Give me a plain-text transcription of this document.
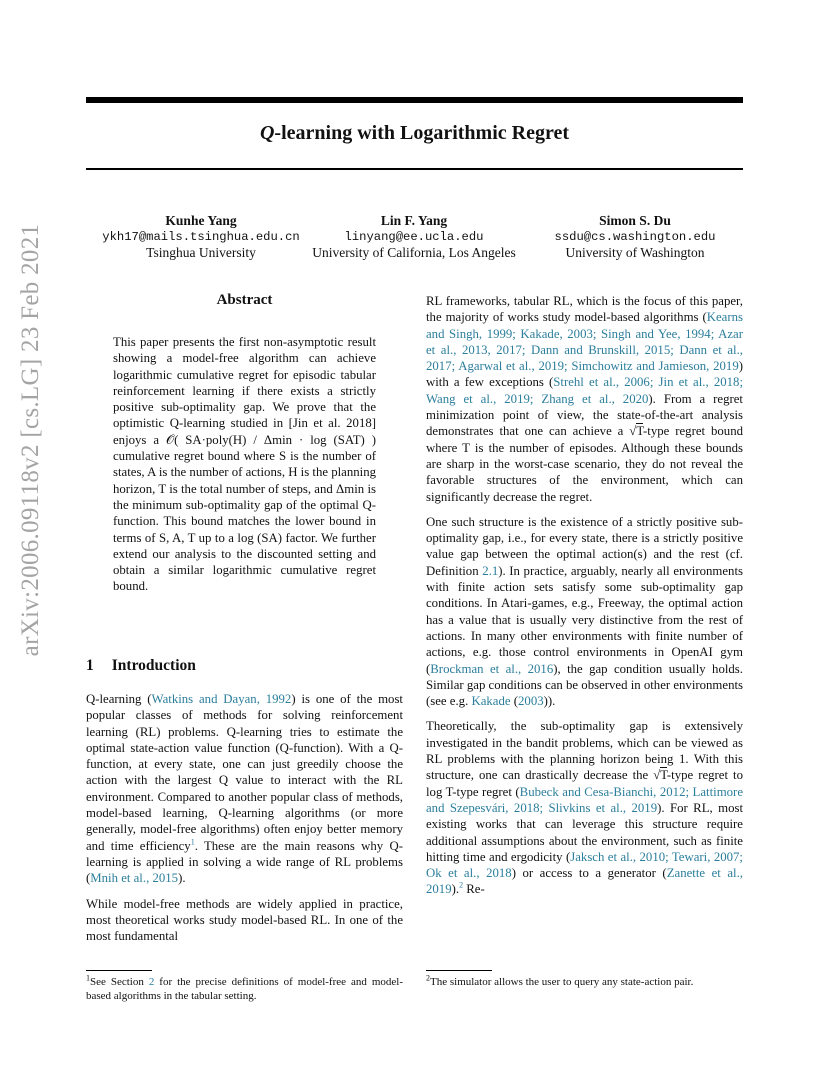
arXiv:2006.09118v2 [cs.LG] 23 Feb 2021
Q-learning with Logarithmic Regret
Kunhe Yang
ykh17@mails.tsinghua.edu.cn
Tsinghua University
Lin F. Yang
linyang@ee.ucla.edu
University of California, Los Angeles
Simon S. Du
ssdu@cs.washington.edu
University of Washington
Abstract
This paper presents the first non-asymptotic result showing a model-free algorithm can achieve logarithmic cumulative regret for episodic tabular reinforcement learning if there exists a strictly positive sub-optimality gap. We prove that the optimistic Q-learning studied in [Jin et al. 2018] enjoys a 𝒪( SA·poly(H) / Δmin · log (SAT) ) cumulative regret bound where S is the number of states, A is the number of actions, H is the planning horizon, T is the total number of steps, and Δmin is the minimum sub-optimality gap of the optimal Q-function. This bound matches the lower bound in terms of S, A, T up to a log (SA) factor. We further extend our analysis to the discounted setting and obtain a similar logarithmic cumulative regret bound.
1 Introduction

Q-learning (Watkins and Dayan, 1992) is one of the most popular classes of methods for solving reinforcement learning (RL) problems. Q-learning tries to estimate the optimal state-action value function (Q-function). With a Q-function, at every state, one can just greedily choose the action with the largest Q value to interact with the RL environment. Compared to another popular class of methods, model-based learning, Q-learning algorithms (or more generally, model-free algorithms) often enjoy better memory and time efficiency$^1$. These are the main reasons why Q-learning is applied in solving a wide range of RL problems (Mnih et al., 2015).

While model-free methods are widely applied in practice, most theoretical works study model-based RL. In one of the most fundamental

RL frameworks, tabular RL, which is the focus of this paper, the majority of works study model-based algorithms (Kearns and Singh, 1999; Kakade, 2003; Singh and Yee, 1994; Azar et al., 2013, 2017; Dann and Brunskill, 2015; Dann et al., 2017; Agarwal et al., 2019; Simchowitz and Jamieson, 2019) with a few exceptions (Strehl et al., 2006; Jin et al., 2018; Wang et al., 2019; Zhang et al., 2020). From a regret minimization point of view, the state-of-the-art analysis demonstrates that one can achieve a √T-type regret bound where T is the number of episodes. Although these bounds are sharp in the worst-case scenario, they do not reveal the favorable structures of the environment, which can significantly decrease the regret.

One such structure is the existence of a strictly positive sub-optimality gap, i.e., for every state, there is a strictly positive value gap between the optimal action(s) and the rest (cf. Definition 2.1). In practice, arguably, nearly all environments with finite action sets satisfy some sub-optimality gap conditions. In Atari-games, e.g., Freeway, the optimal action has a value that is usually very distinctive from the rest of actions. In many other environments with finite number of actions, e.g. those control environments in OpenAI gym (Brockman et al., 2016), the gap condition usually holds. Similar gap conditions can be observed in other environments (see e.g. Kakade (2003)).

Theoretically, the sub-optimality gap is extensively investigated in the bandit problems, which can be viewed as RL problems with the planning horizon being 1. With this structure, one can drastically decrease the √T-type regret to log T-type regret (Bubeck and Cesa-Bianchi, 2012; Lattimore and Szepesvári, 2018; Slivkins et al., 2019). For RL, most existing works that can leverage this structure require additional assumptions about the environment, such as finite hitting time and ergodicity (Jaksch et al., 2010; Tewari, 2007; Ok et al., 2018) or access to a generator (Zanette et al., 2019).$^2$ Re-

$^1$See Section 2 for the precise definitions of model-free and model-based algorithms in the tabular setting.
$^2$The simulator allows the user to query any state-action pair.
